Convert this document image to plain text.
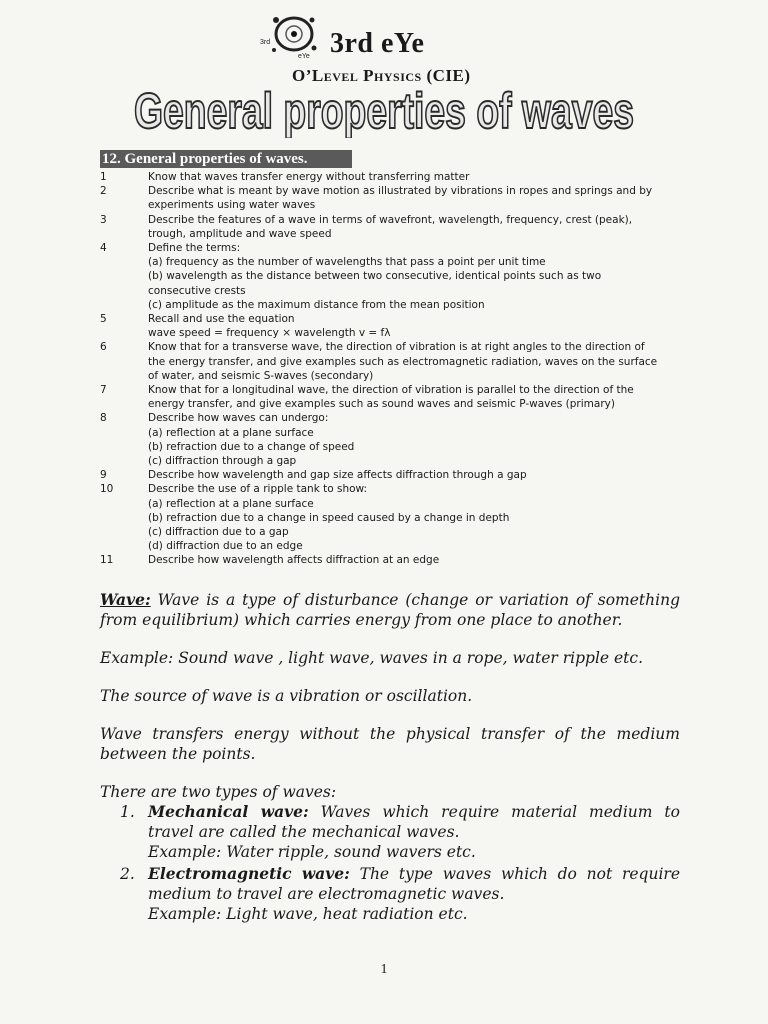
3rd
eYe 3rd eYe
O’Level Physics (CIE)
General properties of waves
12. General properties of waves.
1	Know that waves transfer energy without transferring matter
2	Describe what is meant by wave motion as illustrated by vibrations in ropes and springs and by
experiments using water waves
3	Describe the features of a wave in terms of wavefront, wavelength, frequency, crest (peak),
trough, amplitude and wave speed
4	Define the terms:
(a) frequency as the number of wavelengths that pass a point per unit time
(b) wavelength as the distance between two consecutive, identical points such as two
consecutive crests
(c) amplitude as the maximum distance from the mean position
5	Recall and use the equation
wave speed = frequency × wavelength v = fλ
6	Know that for a transverse wave, the direction of vibration is at right angles to the direction of
the energy transfer, and give examples such as electromagnetic radiation, waves on the surface
of water, and seismic S-waves (secondary)
7	Know that for a longitudinal wave, the direction of vibration is parallel to the direction of the
energy transfer, and give examples such as sound waves and seismic P-waves (primary)
8	Describe how waves can undergo:
(a) reflection at a plane surface
(b) refraction due to a change of speed
(c) diffraction through a gap
9	Describe how wavelength and gap size affects diffraction through a gap
10	Describe the use of a ripple tank to show:
(a) reflection at a plane surface
(b) refraction due to a change in speed caused by a change in depth
(c) diffraction due to a gap
(d) diffraction due to an edge
11	Describe how wavelength affects diffraction at an edge

Wave: Wave is a type of disturbance (change or variation of something from equilibrium) which carries energy from one place to another.

Example: Sound wave , light wave, waves in a rope, water ripple etc.

The source of wave is a vibration or oscillation.

Wave transfers energy without the physical transfer of the medium between the points.

There are two types of waves:
1. Mechanical wave: Waves which require material medium to travel are called the mechanical waves.
Example: Water ripple, sound wavers etc.
2. Electromagnetic wave: The type waves which do not require medium to travel are electromagnetic waves.
Example: Light wave, heat radiation etc.
1
